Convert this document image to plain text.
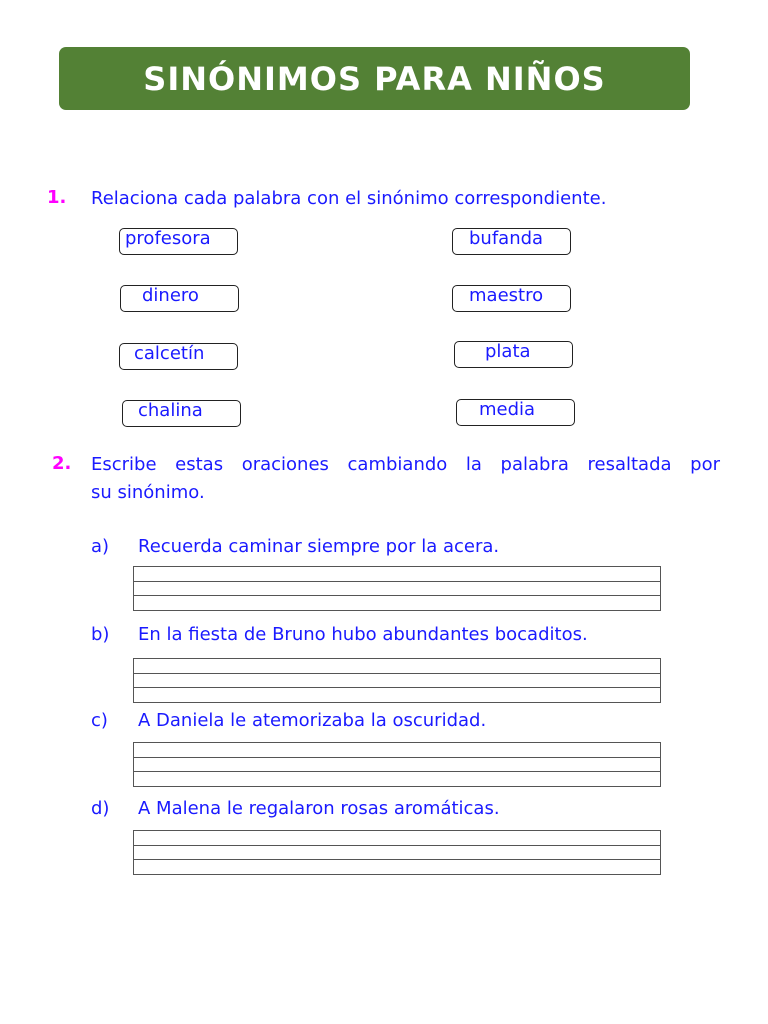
SINÓNIMOS PARA NIÑOS
1. Relaciona cada palabra con el sinónimo correspondiente.
profesora
dinero
calcetín
chalina
bufanda
maestro
plata
media
2. Escribe estas oraciones cambiando la palabra resaltada por
su sinónimo.
a) Recuerda caminar siempre por la acera.
b) En la fiesta de Bruno hubo abundantes bocaditos.
c) A Daniela le atemorizaba la oscuridad.
d) A Malena le regalaron rosas aromáticas.
